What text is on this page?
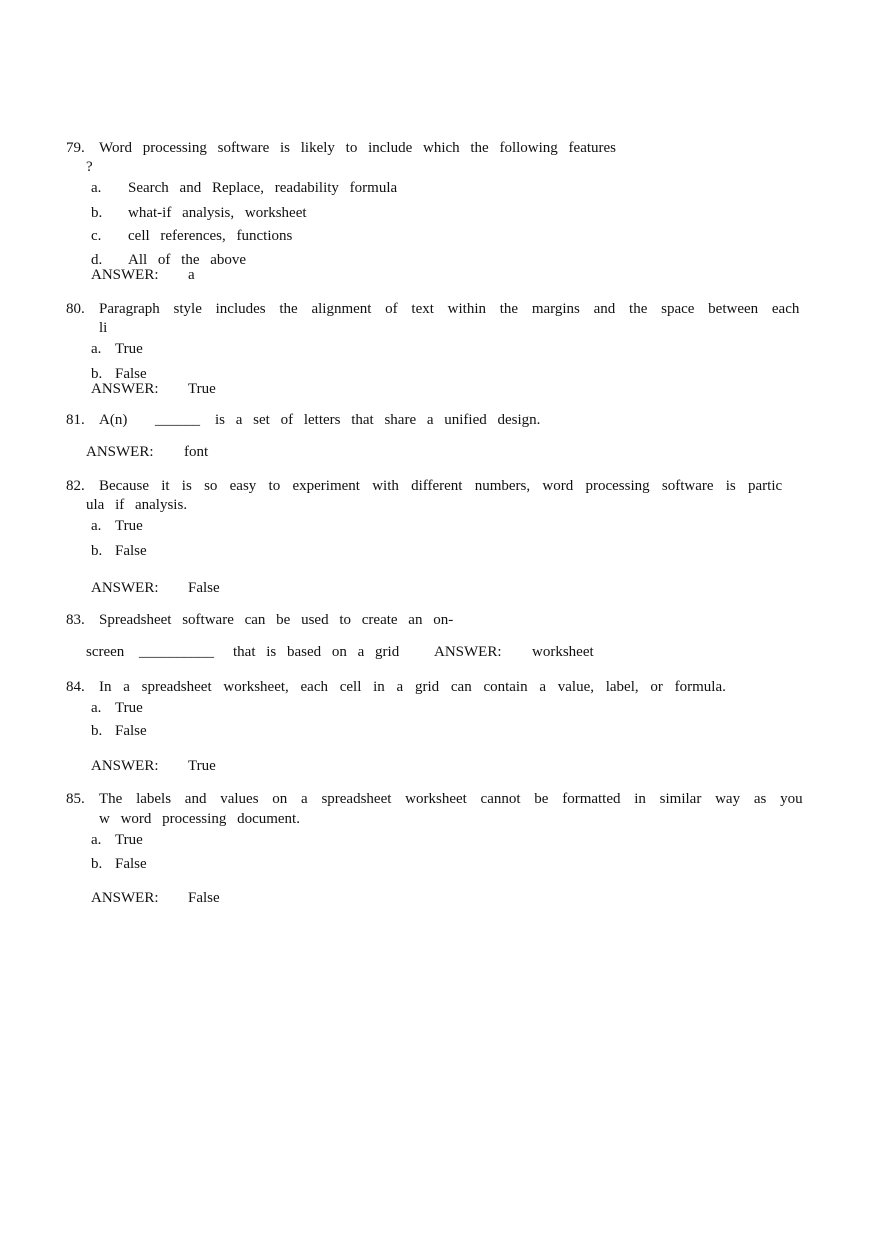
79. Word processing software is likely to include which the following features
?
a. Search and Replace, readability formula
b. what-if analysis, worksheet
c. cell references, functions
d. All of the above
ANSWER: a
80. Paragraph style includes the alignment of text within the margins and the space between each
li
a. True
b. False
ANSWER: True
81. A(n) ______ is a set of letters that share a unified design.
ANSWER: font
82. Because it is so easy to experiment with different numbers, word processing software is partic
ula if analysis.
a. True
b. False
ANSWER: False
83. Spreadsheet software can be used to create an on-
screen __________ that is based on a grid ANSWER: worksheet
84. In a spreadsheet worksheet, each cell in a grid can contain a value, label, or formula.
a. True
b. False
ANSWER: True
85. The labels and values on a spreadsheet worksheet cannot be formatted in similar way as you
w word processing document.
a. True
b. False
ANSWER: False
